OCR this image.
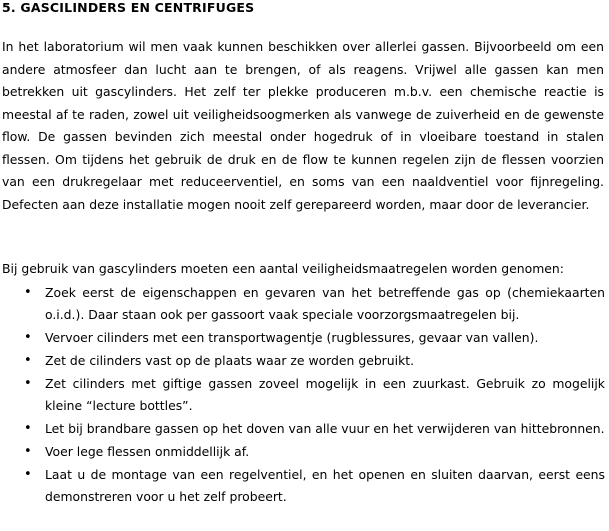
5. GASCILINDERS EN CENTRIFUGES

In het laboratorium wil men vaak kunnen beschikken over allerlei gassen. Bijvoorbeeld om een andere atmosfeer dan lucht aan te brengen, of als reagens. Vrijwel alle gassen kan men betrekken uit gascylinders. Het zelf ter plekke produceren m.b.v. een chemische reactie is meestal af te raden, zowel uit veiligheidsoogmerken als vanwege de zuiverheid en de gewenste flow. De gassen bevinden zich meestal onder hogedruk of in vloeibare toestand in stalen flessen. Om tijdens het gebruik de druk en de flow te kunnen regelen zijn de flessen voorzien van een drukregelaar met reduceerventiel, en soms van een naaldventiel voor fijnregeling. Defecten aan deze installatie mogen nooit zelf gerepareerd worden, maar door de leverancier.

Bij gebruik van gascylinders moeten een aantal veiligheidsmaatregelen worden genomen:

• Zoek eerst de eigenschappen en gevaren van het betreffende gas op (chemiekaarten o.i.d.). Daar staan ook per gassoort vaak speciale voorzorgsmaatregelen bij.
• Vervoer cilinders met een transportwagentje (rugblessures, gevaar van vallen).
• Zet de cilinders vast op de plaats waar ze worden gebruikt.
• Zet cilinders met giftige gassen zoveel mogelijk in een zuurkast. Gebruik zo mogelijk kleine “lecture bottles”.
• Let bij brandbare gassen op het doven van alle vuur en het verwijderen van hittebronnen.
• Voer lege flessen onmiddellijk af.
• Laat u de montage van een regelventiel, en het openen en sluiten daarvan, eerst eens demonstreren voor u het zelf probeert.
